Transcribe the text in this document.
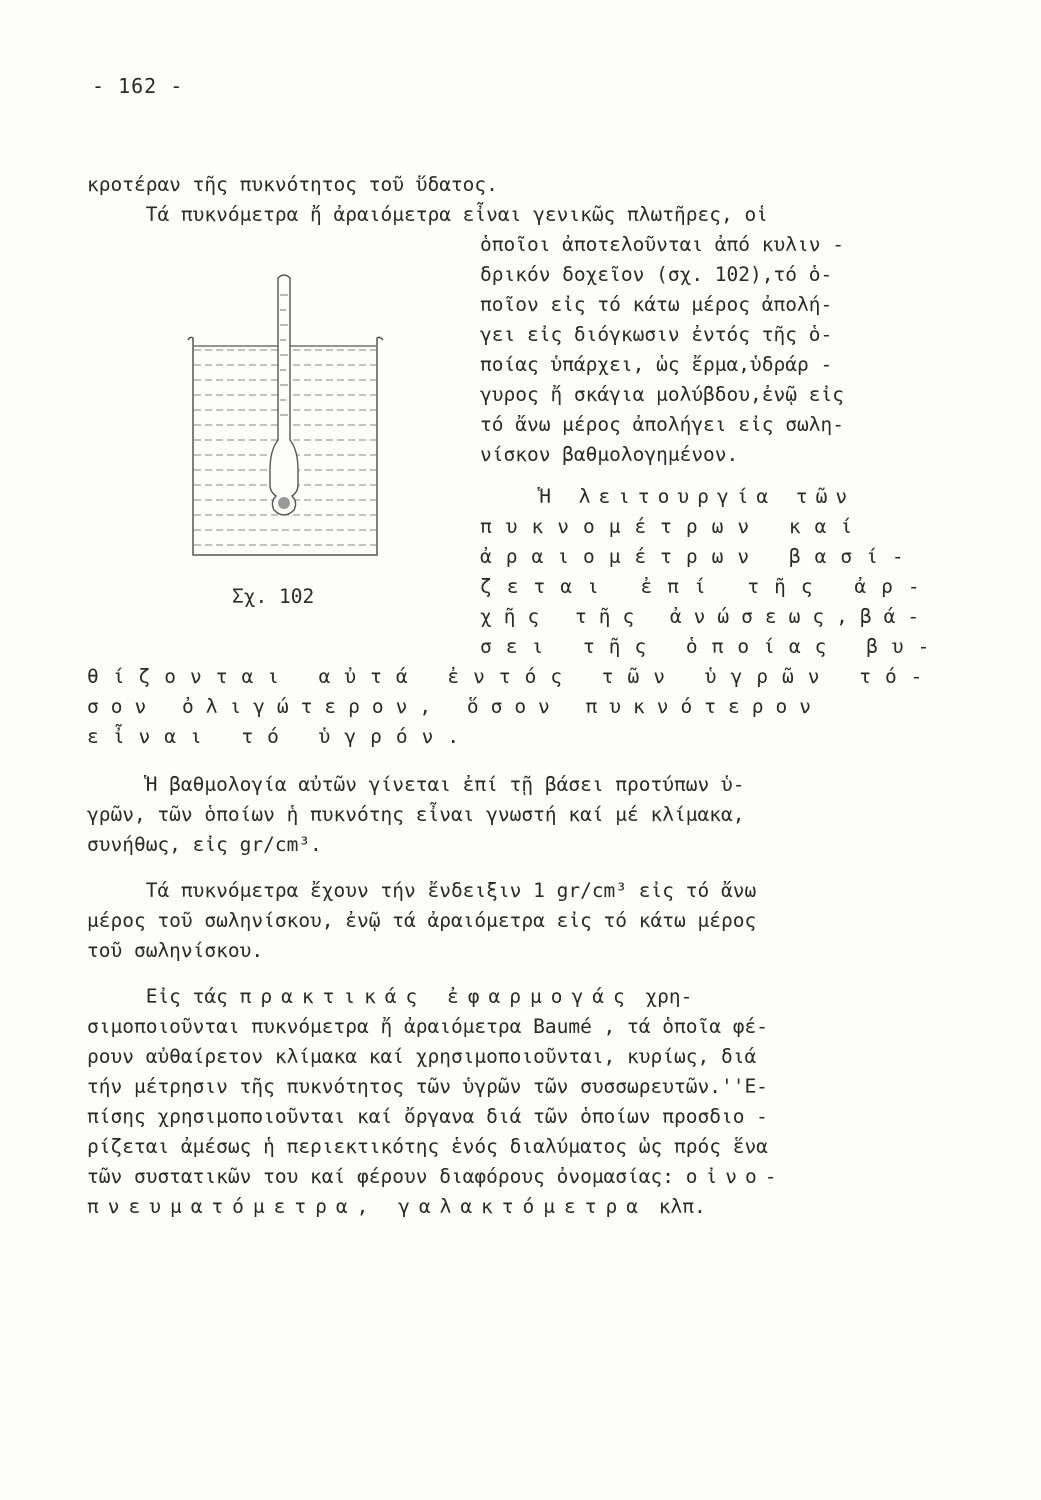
- 162 -
κροτέραν τῆς πυκνότητος τοῦ ὕδατος.
Τά πυκνόμετρα ἤ ἀραιόμετρα εἶναι γενικῶς πλωτῆρες, οἱ
ὁποῖοι ἀποτελοῦνται ἀπό κυλιν -
δρικόν δοχεῖον (σχ. 102),τό ὁ-
ποῖον εἰς τό κάτω μέρος ἀπολή-
γει εἰς διόγκωσιν ἐντός τῆς ὁ-
ποίας ὑπάρχει, ὡς ἔρμα,ὑδράρ -
γυρος ἤ σκάγια μολύβδου,ἐνῷ εἰς
τό ἄνω μέρος ἀπολήγει εἰς σωλη-
νίσκον βαθμολογημένον.
Ἡ λειτουργία τῶν
πυκνομέτρων καί
ἀραιομέτρων βασί-
ζεται ἐπί τῆς ἀρ-
χῆς τῆς ἀνώσεως,βά-
σει τῆς ὁποίας βυ-
θίζονται αὐτά ἐντός τῶν ὑγρῶν τό-
σον ὀλιγώτερον, ὅσον πυκνότερον
εἶναι τό ὑγρόν.
Ἡ βαθμολογία αὐτῶν γίνεται ἐπί τῇ βάσει προτύπων ὑ-
γρῶν, τῶν ὁποίων ἡ πυκνότης εἶναι γνωστή καί μέ κλίμακα,
συνήθως, εἰς gr/cm³.
Τά πυκνόμετρα ἔχουν τήν ἔνδειξιν 1 gr/cm³ εἰς τό ἄνω
μέρος τοῦ σωληνίσκου, ἐνῷ τά ἀραιόμετρα εἰς τό κάτω μέρος
τοῦ σωληνίσκου.
Εἰς τάς πρακτικάς ἐφαρμογάς χρη-
σιμοποιοῦνται πυκνόμετρα ἤ ἀραιόμετρα Baumé , τά ὁποῖα φέ-
ρουν αὐθαίρετον κλίμακα καί χρησιμοποιοῦνται, κυρίως, διά
τήν μέτρησιν τῆς πυκνότητος τῶν ὑγρῶν τῶν συσσωρευτῶν.''Ε-
πίσης χρησιμοποιοῦνται καί ὄργανα διά τῶν ὁποίων προσδιο -
ρίζεται ἀμέσως ἡ περιεκτικότης ἑνός διαλύματος ὡς πρός ἕνα
τῶν συστατικῶν του καί φέρουν διαφόρους ὀνομασίας: οἰνο-
πνευματόμετρα, γαλακτόμετρα κλπ.
Σχ. 102
